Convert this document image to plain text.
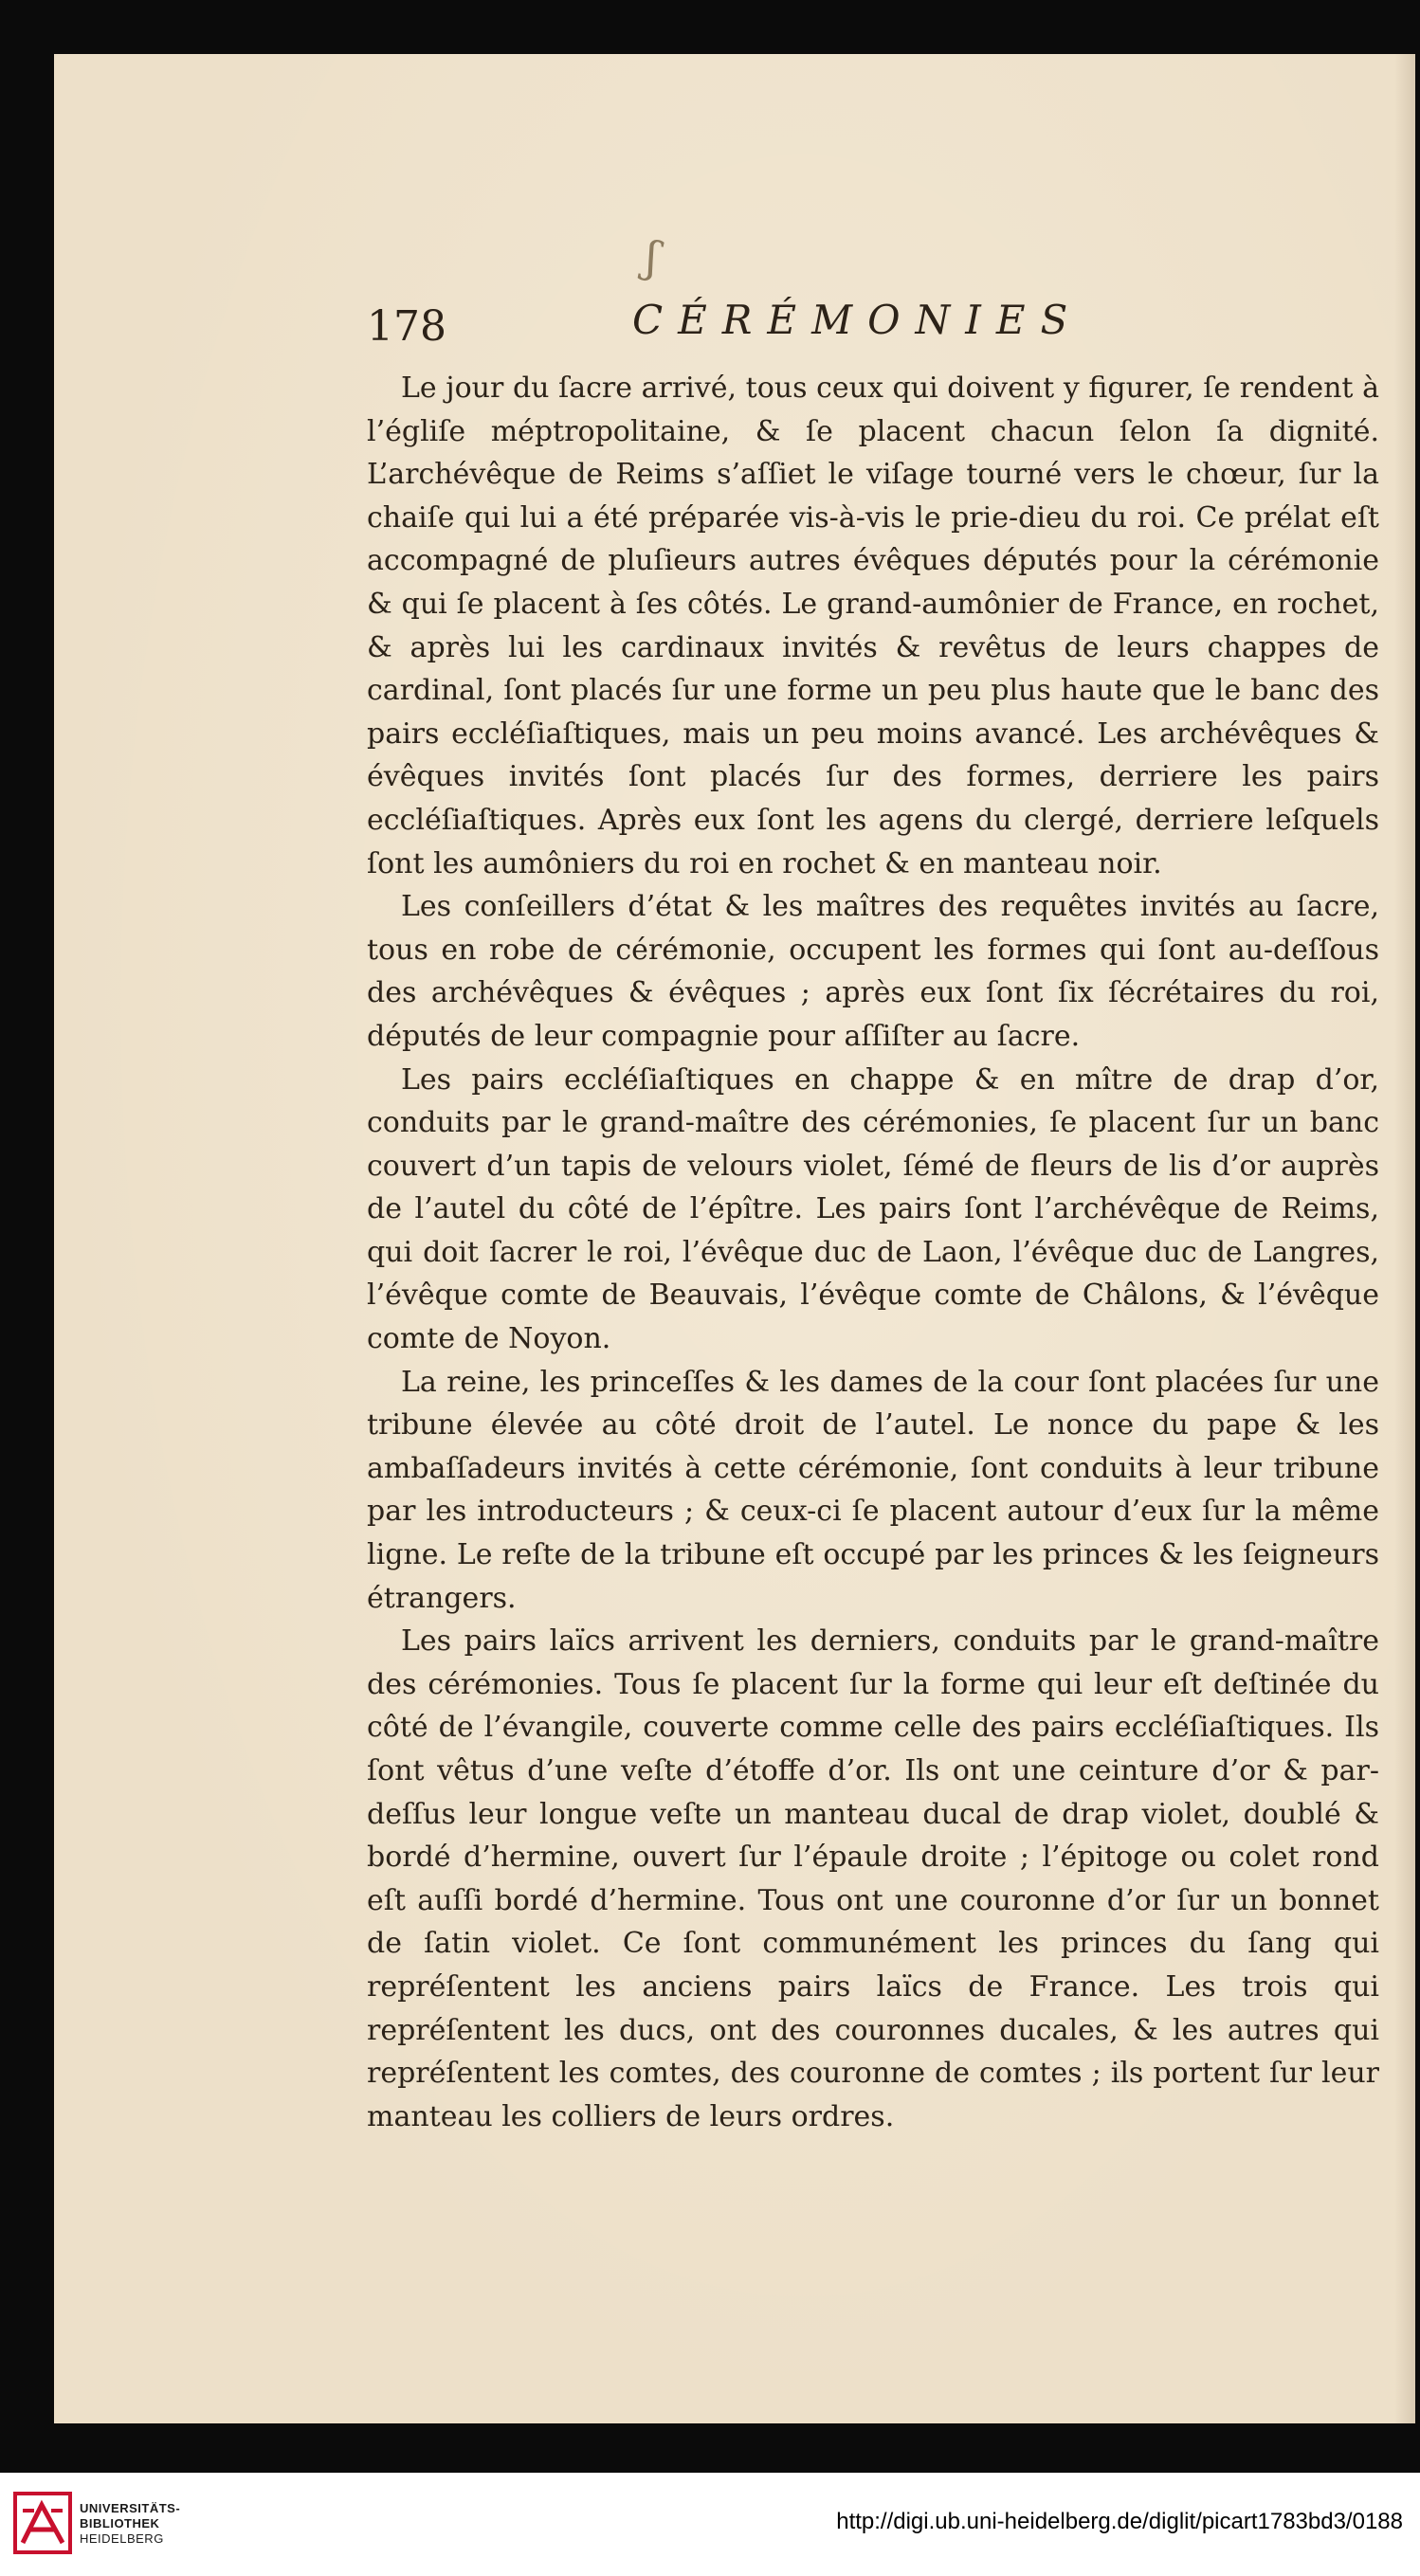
ʃ
178	CÉRÉMONIES

Le jour du ſacre arrivé, tous ceux qui doivent y figurer, ſe rendent à l’égliſe méptropolitaine, & ſe placent chacun ſelon ſa dignité. L’archévêque de Reims s’aſſiet le viſage tourné vers le chœur, ſur la chaiſe qui lui a été préparée vis-à-vis le prie-dieu du roi. Ce prélat eſt accompagné de pluſieurs autres évêques députés pour la cérémonie & qui ſe placent à ſes côtés. Le grand-aumônier de France, en rochet, & après lui les cardinaux invités & revêtus de leurs chappes de cardinal, ſont placés ſur une forme un peu plus haute que le banc des pairs eccléſiaſtiques, mais un peu moins avancé. Les archévêques & évêques invités ſont placés ſur des formes, derriere les pairs eccléſiaſtiques. Après eux ſont les agens du clergé, derriere leſquels ſont les aumôniers du roi en rochet & en manteau noir.

Les conſeillers d’état & les maîtres des requêtes invités au ſacre, tous en robe de cérémonie, occupent les formes qui ſont au-deſſous des archévêques & évêques ; après eux ſont ſix ſécrétaires du roi, députés de leur compagnie pour aſſiſter au ſacre.

Les pairs eccléſiaſtiques en chappe & en mître de drap d’or, conduits par le grand-maître des cérémonies, ſe placent ſur un banc couvert d’un tapis de velours violet, ſémé de fleurs de lis d’or auprès de l’autel du côté de l’épître. Les pairs ſont l’archévêque de Reims, qui doit ſacrer le roi, l’évêque duc de Laon, l’évêque duc de Langres, l’évêque comte de Beauvais, l’évêque comte de Châlons, & l’évêque comte de Noyon.

La reine, les princeſſes & les dames de la cour ſont placées ſur une tribune élevée au côté droit de l’autel. Le nonce du pape & les ambaſſadeurs invités à cette cérémonie, ſont conduits à leur tribune par les introducteurs ; & ceux-ci ſe placent autour d’eux ſur la même ligne. Le reſte de la tribune eſt occupé par les princes & les ſeigneurs étrangers.

Les pairs laïcs arrivent les derniers, conduits par le grand-maître des cérémonies. Tous ſe placent ſur la forme qui leur eſt deſtinée du côté de l’évangile, couverte comme celle des pairs eccléſiaſtiques. Ils ſont vêtus d’une veſte d’étoffe d’or. Ils ont une ceinture d’or & par-deſſus leur longue veſte un manteau ducal de drap violet, doublé & bordé d’hermine, ouvert ſur l’épaule droite ; l’épitoge ou colet rond eſt auſſi bordé d’hermine. Tous ont une couronne d’or ſur un bonnet de ſatin violet. Ce ſont communément les princes du ſang qui repréſentent les anciens pairs laïcs de France. Les trois qui repréſentent les ducs, ont des couronnes ducales, & les autres qui repréſentent les comtes, des couronne de comtes ; ils portent ſur leur manteau les colliers de leurs ordres.

UNIVERSITÄTS-
BIBLIOTHEK
HEIDELBERG
http://digi.ub.uni-heidelberg.de/diglit/picart1783bd3/0188
